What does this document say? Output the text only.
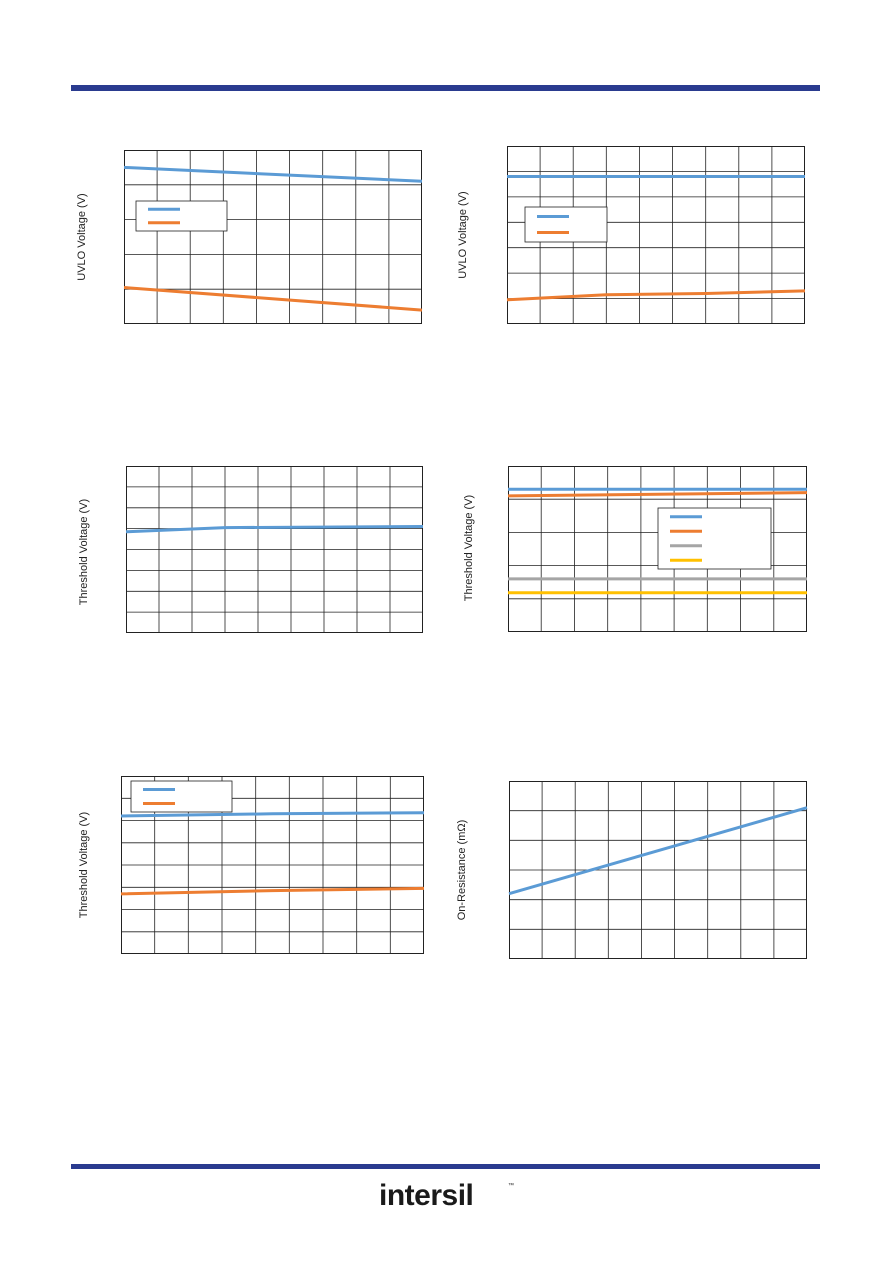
UVLO Voltage (V)	UVLO Voltage (V)
Threshold Voltage (V)	Threshold Voltage (V)
Threshold Voltage (V)	On-Resistance (mΩ)
intersil	™
